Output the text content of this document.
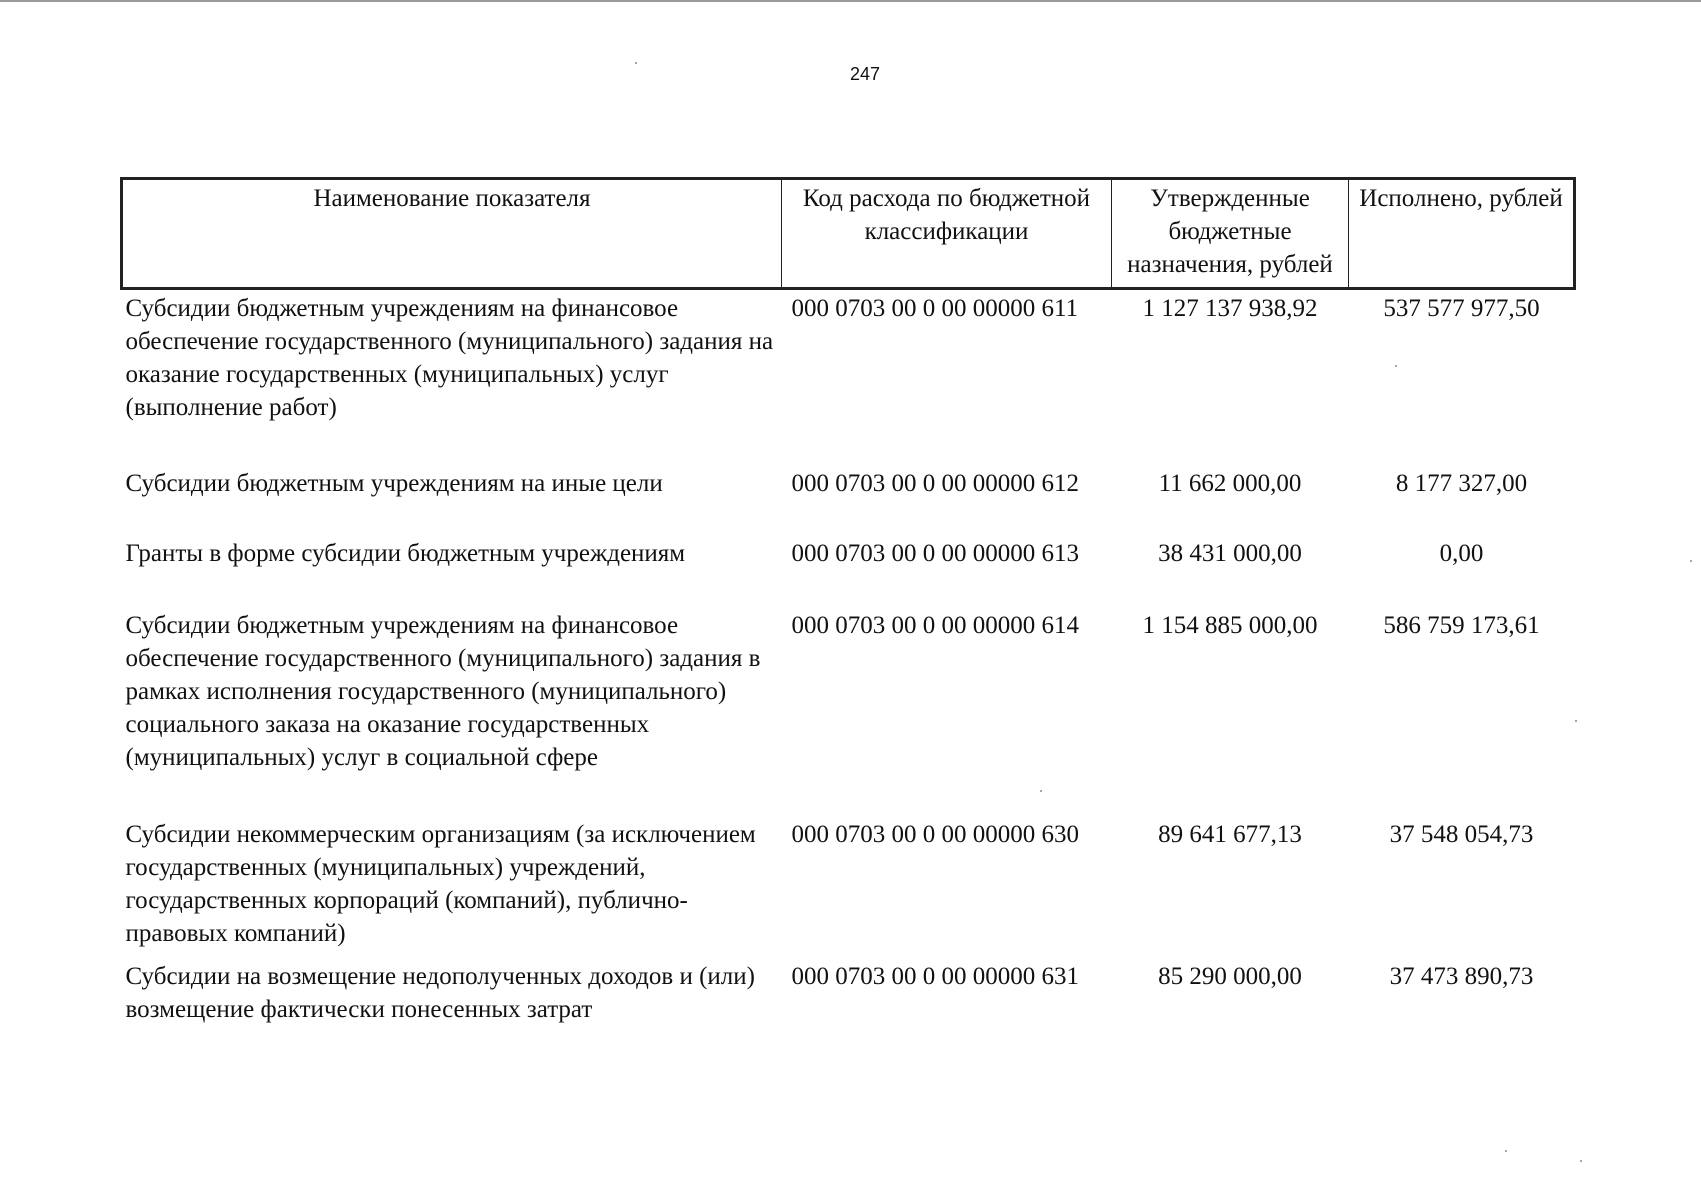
247
Наименование показателя	Код расхода по бюджетной классификации	Утвержденные бюджетные назначения, рублей	Исполнено, рублей
Субсидии бюджетным учреждениям на финансовое обеспечение государственного (муниципального) задания на оказание государственных (муниципальных) услуг (выполнение работ)	000 0703 00 0 00 00000 611	1 127 137 938,92	537 577 977,50
Субсидии бюджетным учреждениям на иные цели	000 0703 00 0 00 00000 612	11 662 000,00	8 177 327,00
Гранты в форме субсидии бюджетным учреждениям	000 0703 00 0 00 00000 613	38 431 000,00	0,00
Субсидии бюджетным учреждениям на финансовое обеспечение государственного (муниципального) задания в рамках исполнения государственного (муниципального) социального заказа на оказание государственных (муниципальных) услуг в социальной сфере	000 0703 00 0 00 00000 614	1 154 885 000,00	586 759 173,61
Субсидии некоммерческим организациям (за исключением государственных (муниципальных) учреждений, государственных корпораций (компаний), публично-правовых компаний)	000 0703 00 0 00 00000 630	89 641 677,13	37 548 054,73
Субсидии на возмещение недополученных доходов и (или) возмещение фактически понесенных затрат	000 0703 00 0 00 00000 631	85 290 000,00	37 473 890,73
